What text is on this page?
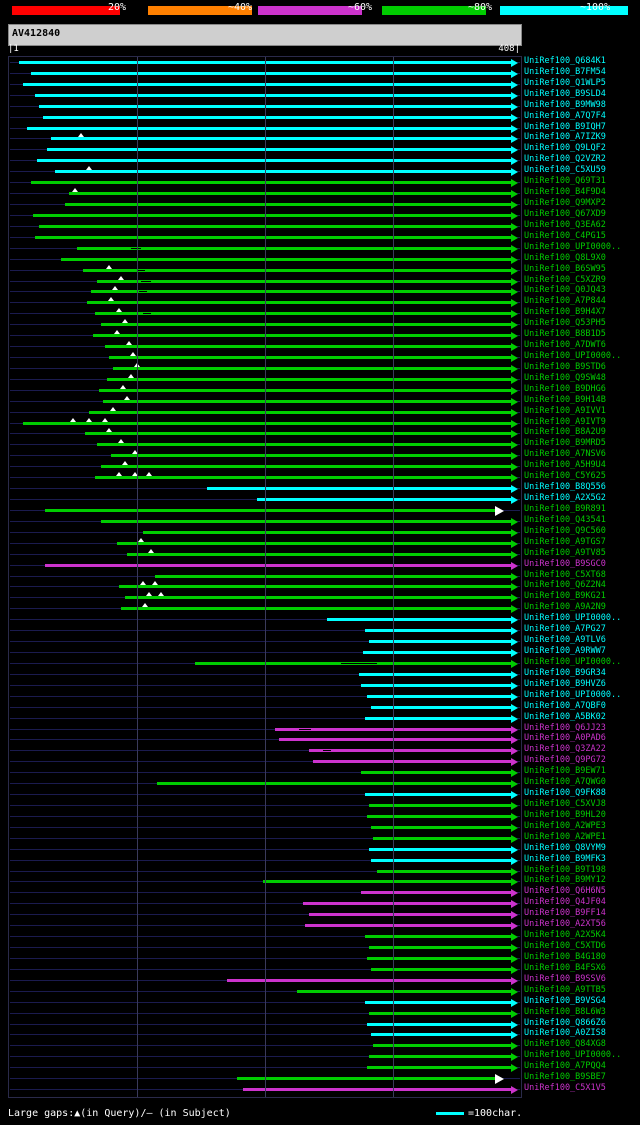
20%	~40%	~60%	~80%	~100%
AV412840
|1	408|
UniRef100_Q684K1
UniRef100_B7FM54
UniRef100_Q1WLP5
UniRef100_B9SLD4
UniRef100_B9MW98
UniRef100_A7Q7F4
UniRef100_B9IQH7
UniRef100_A7IZK9
UniRef100_Q9LQF2
UniRef100_Q2VZR2
UniRef100_C5XU59
UniRef100_Q69T31
UniRef100_B4F9D4
UniRef100_Q9MXP2
UniRef100_Q67XD9
UniRef100_Q3EA62
UniRef100_C4PG15
UniRef100_UPI0000..
UniRef100_Q8L9X0
UniRef100_B6SW95
UniRef100_C5XZR9
UniRef100_Q0JQ43
UniRef100_A7P844
UniRef100_B9H4X7
UniRef100_Q53PH5
UniRef100_B8B1D5
UniRef100_A7DWT6
UniRef100_UPI0000..
UniRef100_B9STD6
UniRef100_Q9SW48
UniRef100_B9DHG6
UniRef100_B9H14B
UniRef100_A9IVV1
UniRef100_A9IVT9
UniRef100_B8A2U9
UniRef100_B9MRD5
UniRef100_A7NSV6
UniRef100_A5H9U4
UniRef100_C5Y625
UniRef100_B8Q556
UniRef100_A2X5G2
UniRef100_B9R891
UniRef100_Q43541
UniRef100_Q9C560
UniRef100_A9TGS7
UniRef100_A9TV85
UniRef100_B9SGC0
UniRef100_C5XT68
UniRef100_Q6Z2N4
UniRef100_B9KG21
UniRef100_A9A2N9
UniRef100_UPI0000..
UniRef100_A7PG27
UniRef100_A9TLV6
UniRef100_A9RWW7
UniRef100_UPI0000..
UniRef100_B9GR34
UniRef100_B9HVZ6
UniRef100_UPI0000..
UniRef100_A7QBF0
UniRef100_A5BK02
UniRef100_Q6JJ23
UniRef100_A0PAD6
UniRef100_Q3ZA22
UniRef100_Q9PG72
UniRef100_B9EW71
UniRef100_A7QWG0
UniRef100_Q9FK88
UniRef100_C5XVJ8
UniRef100_B9HL20
UniRef100_A2WPE3
UniRef100_A2WPE1
UniRef100_Q8VYM9
UniRef100_B9MFK3
UniRef100_B9T198
UniRef100_B9MY12
UniRef100_Q6H6N5
UniRef100_Q4JF04
UniRef100_B9FF14
UniRef100_A2XT56
UniRef100_A2X5K4
UniRef100_C5XTD6
UniRef100_B4G180
UniRef100_B4FSX6
UniRef100_B9SSV6
UniRef100_A9TTB5
UniRef100_B9VSG4
UniRef100_B8L6W3
UniRef100_Q866Z6
UniRef100_A0ZIS8
UniRef100_Q84XG8
UniRef100_UPI0000..
UniRef100_A7PQQ4
UniRef100_B9SBE7
UniRef100_C5X1V5
Large gaps:▲(in Query)/– (in Subject)	=100char.
